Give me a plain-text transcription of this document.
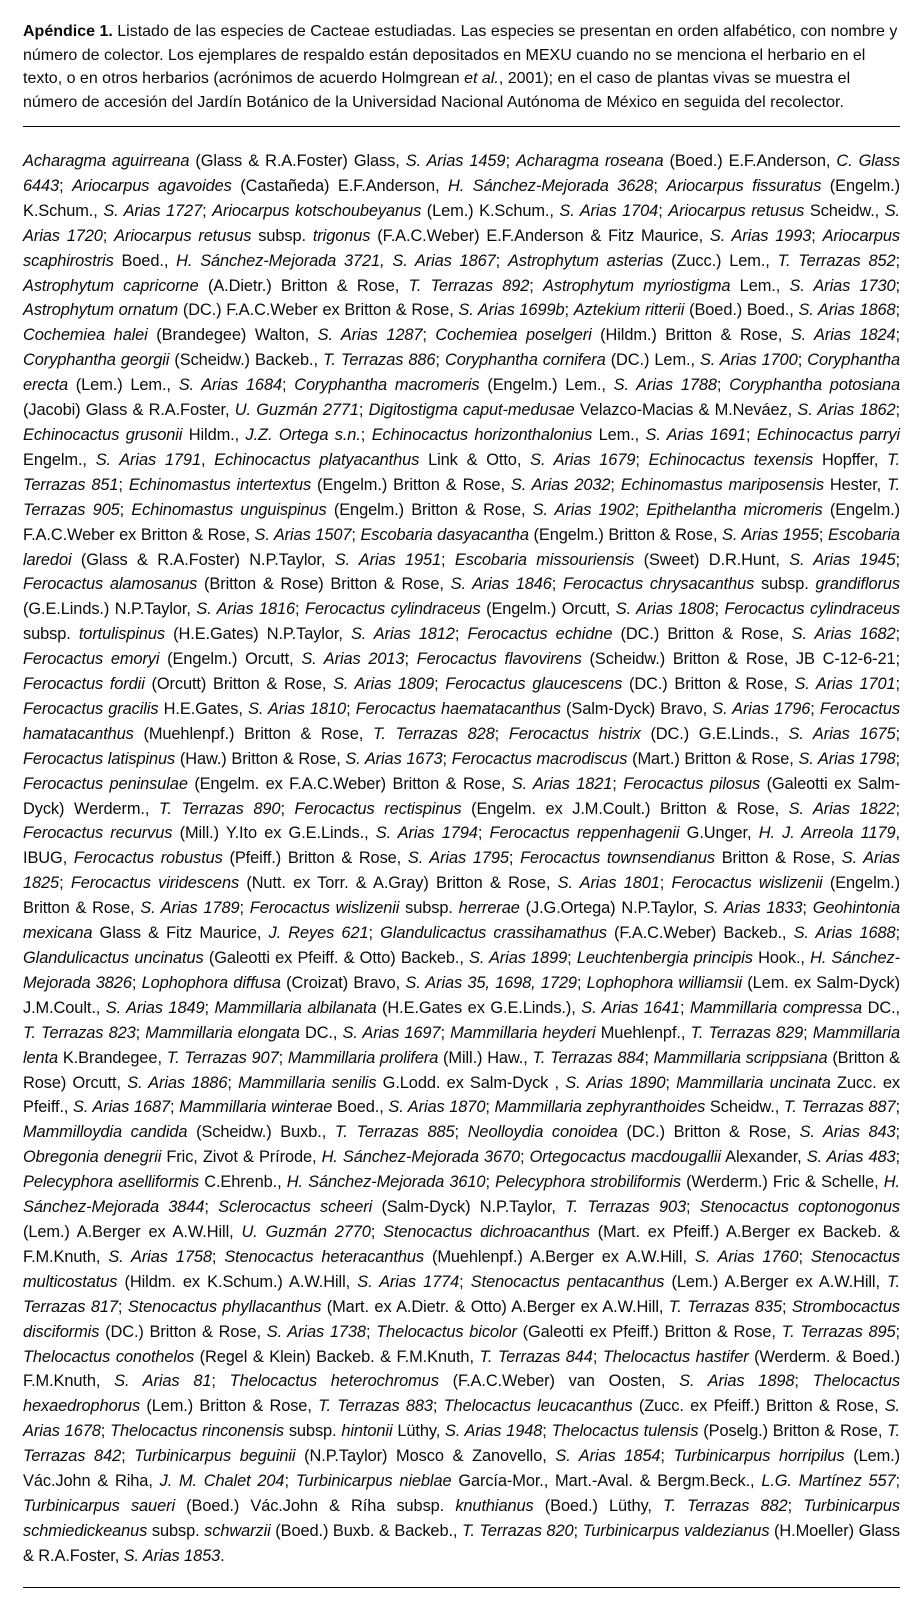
Apéndice 1. Listado de las especies de Cacteae estudiadas. Las especies se presentan en orden alfabético, con nombre y número de colector. Los ejemplares de respaldo están depositados en MEXU cuando no se menciona el herbario en el texto, o en otros herbarios (acrónimos de acuerdo Holmgrean et al., 2001); en el caso de plantas vivas se muestra el número de accesión del Jardín Botánico de la Universidad Nacional Autónoma de México en seguida del recolector.

Acharagma aguirreana (Glass & R.A.Foster) Glass, S. Arias 1459; Acharagma roseana (Boed.) E.F.Anderson, C. Glass 6443; Ariocarpus agavoides (Castañeda) E.F.Anderson, H. Sánchez-Mejorada 3628; Ariocarpus fissuratus (Engelm.) K.Schum., S. Arias 1727; Ariocarpus kotschoubeyanus (Lem.) K.Schum., S. Arias 1704; Ariocarpus retusus Scheidw., S. Arias 1720; Ariocarpus retusus subsp. trigonus (F.A.C.Weber) E.F.Anderson & Fitz Maurice, S. Arias 1993; Ariocarpus scaphirostris Boed., H. Sánchez-Mejorada 3721, S. Arias 1867; Astrophytum asterias (Zucc.) Lem., T. Terrazas 852; Astrophytum capricorne (A.Dietr.) Britton & Rose, T. Terrazas 892; Astrophytum myriostigma Lem., S. Arias 1730; Astrophytum ornatum (DC.) F.A.C.Weber ex Britton & Rose, S. Arias 1699b; Aztekium ritterii (Boed.) Boed., S. Arias 1868; Cochemiea halei (Brandegee) Walton, S. Arias 1287; Cochemiea poselgeri (Hildm.) Britton & Rose, S. Arias 1824; Coryphantha georgii (Scheidw.) Backeb., T. Terrazas 886; Coryphantha cornifera (DC.) Lem., S. Arias 1700; Coryphantha erecta (Lem.) Lem., S. Arias 1684; Coryphantha macromeris (Engelm.) Lem., S. Arias 1788; Coryphantha potosiana (Jacobi) Glass & R.A.Foster, U. Guzmán 2771; Digitostigma caput-medusae Velazco-Macias & M.Neváez, S. Arias 1862; Echinocactus grusonii Hildm., J.Z. Ortega s.n.; Echinocactus horizonthalonius Lem., S. Arias 1691; Echinocactus parryi Engelm., S. Arias 1791, Echinocactus platyacanthus Link & Otto, S. Arias 1679; Echinocactus texensis Hopffer, T. Terrazas 851; Echinomastus intertextus (Engelm.) Britton & Rose, S. Arias 2032; Echinomastus mariposensis Hester, T. Terrazas 905; Echinomastus unguispinus (Engelm.) Britton & Rose, S. Arias 1902; Epithelantha micromeris (Engelm.) F.A.C.Weber ex Britton & Rose, S. Arias 1507; Escobaria dasyacantha (Engelm.) Britton & Rose, S. Arias 1955; Escobaria laredoi (Glass & R.A.Foster) N.P.Taylor, S. Arias 1951; Escobaria missouriensis (Sweet) D.R.Hunt, S. Arias 1945; Ferocactus alamosanus (Britton & Rose) Britton & Rose, S. Arias 1846; Ferocactus chrysacanthus subsp. grandiflorus (G.E.Linds.) N.P.Taylor, S. Arias 1816; Ferocactus cylindraceus (Engelm.) Orcutt, S. Arias 1808; Ferocactus cylindraceus subsp. tortulispinus (H.E.Gates) N.P.Taylor, S. Arias 1812; Ferocactus echidne (DC.) Britton & Rose, S. Arias 1682; Ferocactus emoryi (Engelm.) Orcutt, S. Arias 2013; Ferocactus flavovirens (Scheidw.) Britton & Rose, JB C-12-6-21; Ferocactus fordii (Orcutt) Britton & Rose, S. Arias 1809; Ferocactus glaucescens (DC.) Britton & Rose, S. Arias 1701; Ferocactus gracilis H.E.Gates, S. Arias 1810; Ferocactus haematacanthus (Salm-Dyck) Bravo, S. Arias 1796; Ferocactus hamatacanthus (Muehlenpf.) Britton & Rose, T. Terrazas 828; Ferocactus histrix (DC.) G.E.Linds., S. Arias 1675; Ferocactus latispinus (Haw.) Britton & Rose, S. Arias 1673; Ferocactus macrodiscus (Mart.) Britton & Rose, S. Arias 1798; Ferocactus peninsulae (Engelm. ex F.A.C.Weber) Britton & Rose, S. Arias 1821; Ferocactus pilosus (Galeotti ex Salm-Dyck) Werderm., T. Terrazas 890; Ferocactus rectispinus (Engelm. ex J.M.Coult.) Britton & Rose, S. Arias 1822; Ferocactus recurvus (Mill.) Y.Ito ex G.E.Linds., S. Arias 1794; Ferocactus reppenhagenii G.Unger, H. J. Arreola 1179, IBUG, Ferocactus robustus (Pfeiff.) Britton & Rose, S. Arias 1795; Ferocactus townsendianus Britton & Rose, S. Arias 1825; Ferocactus viridescens (Nutt. ex Torr. & A.Gray) Britton & Rose, S. Arias 1801; Ferocactus wislizenii (Engelm.) Britton & Rose, S. Arias 1789; Ferocactus wislizenii subsp. herrerae (J.G.Ortega) N.P.Taylor, S. Arias 1833; Geohintonia mexicana Glass & Fitz Maurice, J. Reyes 621; Glandulicactus crassihamathus (F.A.C.Weber) Backeb., S. Arias 1688; Glandulicactus uncinatus (Galeotti ex Pfeiff. & Otto) Backeb., S. Arias 1899; Leuchtenbergia principis Hook., H. Sánchez-Mejorada 3826; Lophophora diffusa (Croizat) Bravo, S. Arias 35, 1698, 1729; Lophophora williamsii (Lem. ex Salm-Dyck) J.M.Coult., S. Arias 1849; Mammillaria albilanata (H.E.Gates ex G.E.Linds.), S. Arias 1641; Mammillaria compressa DC., T. Terrazas 823; Mammillaria elongata DC., S. Arias 1697; Mammillaria heyderi Muehlenpf., T. Terrazas 829; Mammillaria lenta K.Brandegee, T. Terrazas 907; Mammillaria prolifera (Mill.) Haw., T. Terrazas 884; Mammillaria scrippsiana (Britton & Rose) Orcutt, S. Arias 1886; Mammillaria senilis G.Lodd. ex Salm-Dyck , S. Arias 1890; Mammillaria uncinata Zucc. ex Pfeiff., S. Arias 1687; Mammillaria winterae Boed., S. Arias 1870; Mammillaria zephyranthoides Scheidw., T. Terrazas 887; Mammilloydia candida (Scheidw.) Buxb., T. Terrazas 885; Neolloydia conoidea (DC.) Britton & Rose, S. Arias 843; Obregonia denegrii Fric, Zivot & Prírode, H. Sánchez-Mejorada 3670; Ortegocactus macdougallii Alexander, S. Arias 483; Pelecyphora aselliformis C.Ehrenb., H. Sánchez-Mejorada 3610; Pelecyphora strobiliformis (Werderm.) Fric & Schelle, H. Sánchez-Mejorada 3844; Sclerocactus scheeri (Salm-Dyck) N.P.Taylor, T. Terrazas 903; Stenocactus coptonogonus (Lem.) A.Berger ex A.W.Hill, U. Guzmán 2770; Stenocactus dichroacanthus (Mart. ex Pfeiff.) A.Berger ex Backeb. & F.M.Knuth, S. Arias 1758; Stenocactus heteracanthus (Muehlenpf.) A.Berger ex A.W.Hill, S. Arias 1760; Stenocactus multicostatus (Hildm. ex K.Schum.) A.W.Hill, S. Arias 1774; Stenocactus pentacanthus (Lem.) A.Berger ex A.W.Hill, T. Terrazas 817; Stenocactus phyllacanthus (Mart. ex A.Dietr. & Otto) A.Berger ex A.W.Hill, T. Terrazas 835; Strombocactus disciformis (DC.) Britton & Rose, S. Arias 1738; Thelocactus bicolor (Galeotti ex Pfeiff.) Britton & Rose, T. Terrazas 895; Thelocactus conothelos (Regel & Klein) Backeb. & F.M.Knuth, T. Terrazas 844; Thelocactus hastifer (Werderm. & Boed.) F.M.Knuth, S. Arias 81; Thelocactus heterochromus (F.A.C.Weber) van Oosten, S. Arias 1898; Thelocactus hexaedrophorus (Lem.) Britton & Rose, T. Terrazas 883; Thelocactus leucacanthus (Zucc. ex Pfeiff.) Britton & Rose, S. Arias 1678; Thelocactus rinconensis subsp. hintonii Lüthy, S. Arias 1948; Thelocactus tulensis (Poselg.) Britton & Rose, T. Terrazas 842; Turbinicarpus beguinii (N.P.Taylor) Mosco & Zanovello, S. Arias 1854; Turbinicarpus horripilus (Lem.) Vác.John & Riha, J. M. Chalet 204; Turbinicarpus nieblae García-Mor., Mart.-Aval. & Bergm.Beck., L.G. Martínez 557; Turbinicarpus saueri (Boed.) Vác.John & Ríha subsp. knuthianus (Boed.) Lüthy, T. Terrazas 882; Turbinicarpus schmiedickeanus subsp. schwarzii (Boed.) Buxb. & Backeb., T. Terrazas 820; Turbinicarpus valdezianus (H.Moeller) Glass & R.A.Foster, S. Arias 1853.
